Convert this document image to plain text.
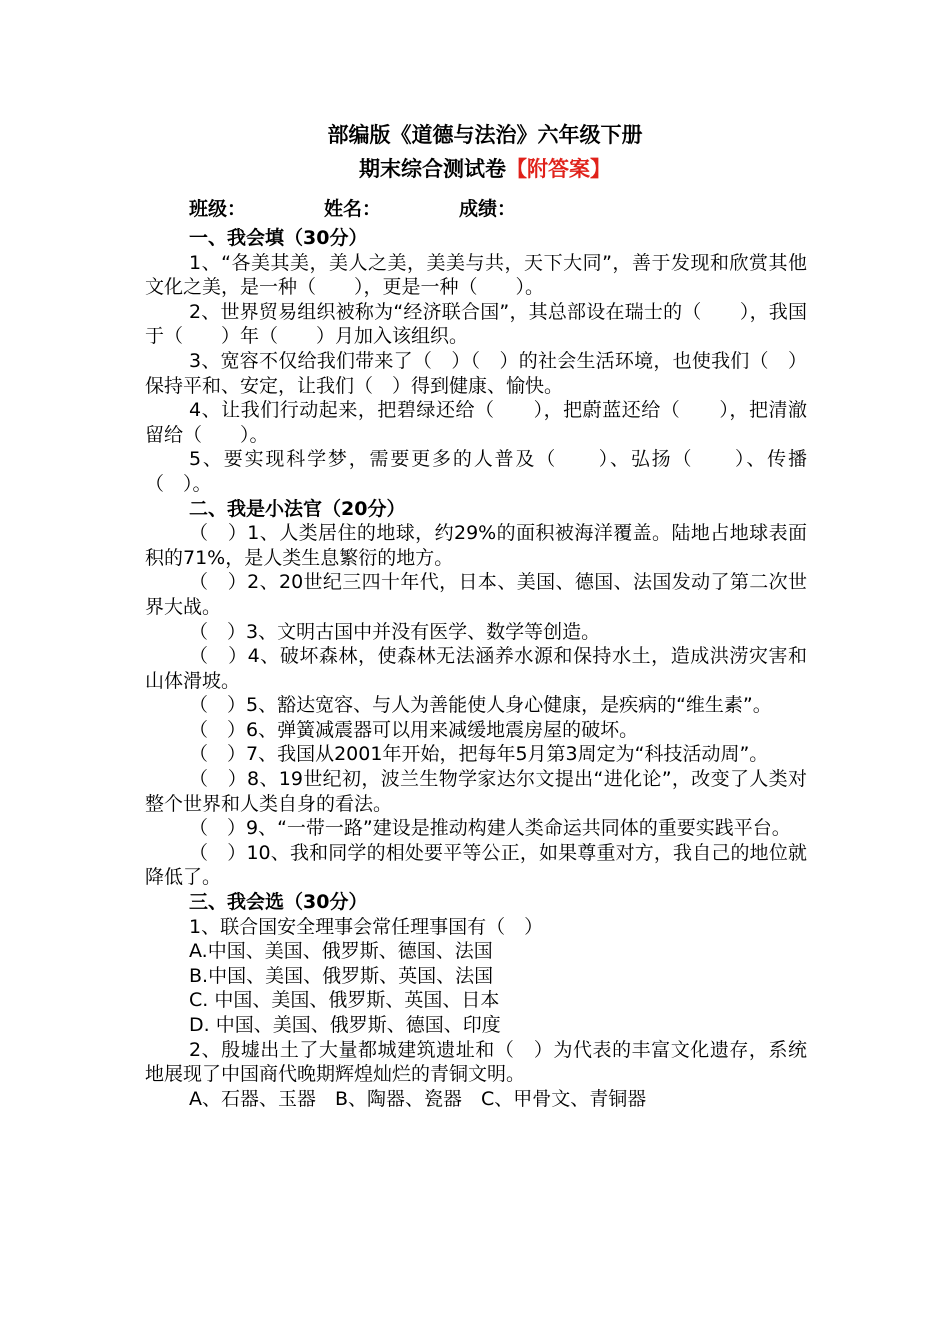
部编版《道德与法治》六年级下册
期末综合测试卷【附答案】
班级：	姓名：	成绩：
一、我会填（30分）
1、“各美其美，美人之美，美美与共，天下大同”，善于发现和欣赏其他文化之美，是一种（　　），更是一种（　　）。
2、世界贸易组织被称为“经济联合国”，其总部设在瑞士的（　　），我国于（　　）年（　　）月加入该组织。
3、宽容不仅给我们带来了（　）（　）的社会生活环境，也使我们（　）保持平和、安定，让我们（　）得到健康、愉快。
4、让我们行动起来，把碧绿还给（　　），把蔚蓝还给（　　），把清澈留给（　　）。
5、要实现科学梦，需要更多的人普及（　　）、弘扬（　　）、传播（　）。
二、我是小法官（20分）
（　）1、人类居住的地球，约29%的面积被海洋覆盖。陆地占地球表面积的71%，是人类生息繁衍的地方。
（　）2、20世纪三四十年代，日本、美国、德国、法国发动了第二次世界大战。
（　）3、文明古国中并没有医学、数学等创造。
（　）4、破坏森林，使森林无法涵养水源和保持水土，造成洪涝灾害和山体滑坡。
（　）5、豁达宽容、与人为善能使人身心健康，是疾病的“维生素”。
（　）6、弹簧减震器可以用来减缓地震房屋的破坏。
（　）7、我国从2001年开始，把每年5月第3周定为“科技活动周”。
（　）8、19世纪初，波兰生物学家达尔文提出“进化论”，改变了人类对整个世界和人类自身的看法。
（　）9、“一带一路”建设是推动构建人类命运共同体的重要实践平台。
（　）10、我和同学的相处要平等公正，如果尊重对方，我自己的地位就降低了。
三、我会选（30分）
1、联合国安全理事会常任理事国有（　）
A.中国、美国、俄罗斯、德国、法国
B.中国、美国、俄罗斯、英国、法国
C. 中国、美国、俄罗斯、英国、日本
D. 中国、美国、俄罗斯、德国、印度
2、殷墟出土了大量都城建筑遗址和（　）为代表的丰富文化遗存，系统地展现了中国商代晚期辉煌灿烂的青铜文明。
A、石器、玉器　B、陶器、瓷器　C、甲骨文、青铜器
